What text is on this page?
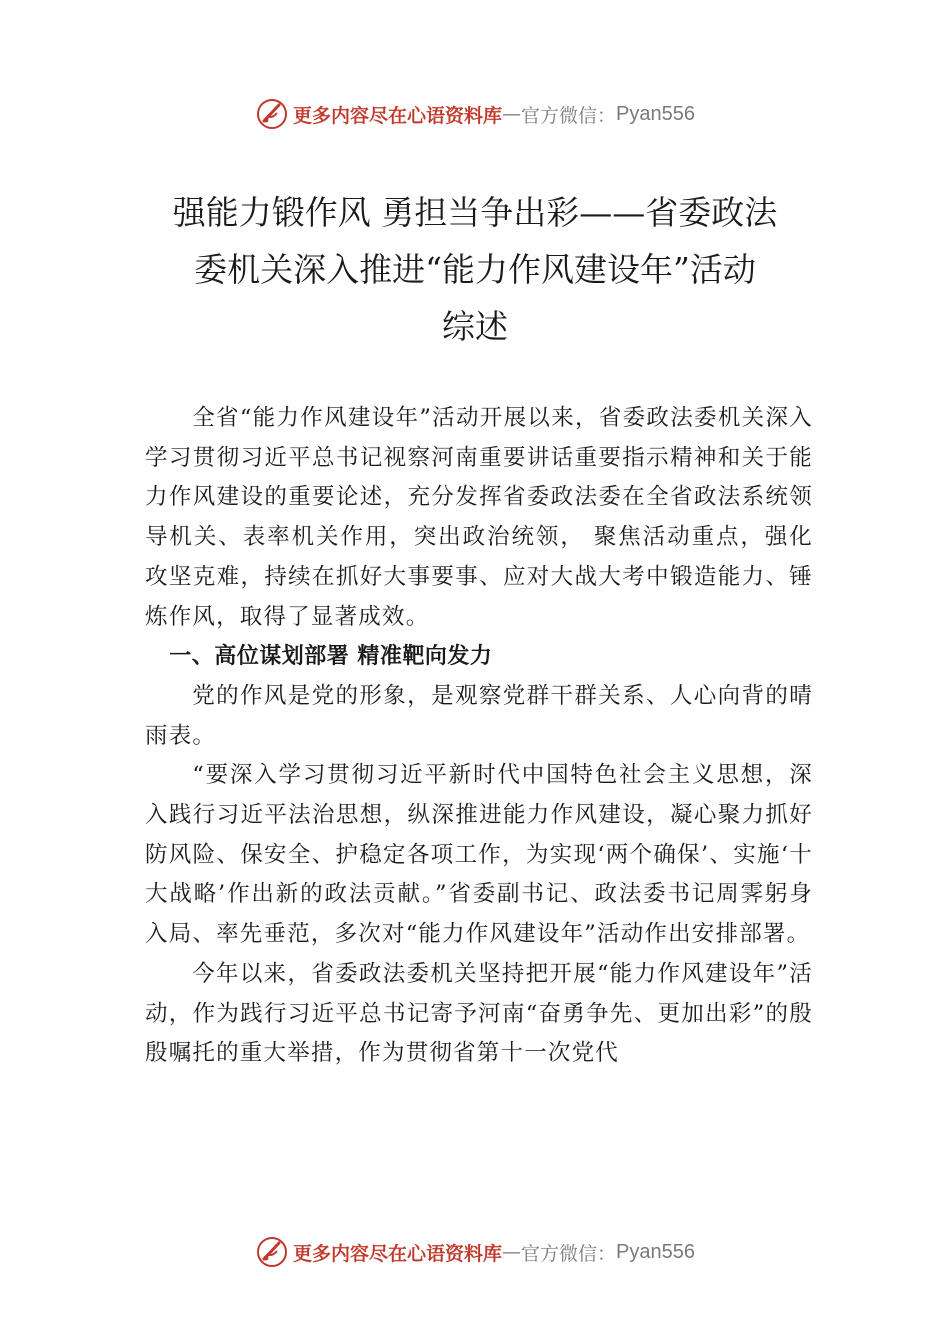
更多内容尽在心语资料库 — 官方微信： Pyan556
强能力锻作风 勇担当争出彩——省委政法
委机关深入推进“能力作风建设年”活动
综述

全省“能力作风建设年”活动开展以来，省委政法委机关深入学习贯彻习近平总书记视察河南重要讲话重要指示精神和关于能力作风建设的重要论述，充分发挥省委政法委在全省政法系统领导机关、表率机关作用，突出政治统领， 聚焦活动重点，强化攻坚克难，持续在抓好大事要事、应对大战大考中锻造能力、锤炼作风，取得了显著成效。

一、高位谋划部署 精准靶向发力

党的作风是党的形象，是观察党群干群关系、人心向背的晴雨表。

“要深入学习贯彻习近平新时代中国特色社会主义思想，深入践行习近平法治思想，纵深推进能力作风建设，凝心聚力抓好防风险、保安全、护稳定各项工作，为实现‘两个确保’、实施‘十大战略’作出新的政法贡献。”省委副书记、政法委书记周霁躬身入局、率先垂范，多次对“能力作风建设年”活动作出安排部署。

今年以来，省委政法委机关坚持把开展“能力作风建设年”活动，作为践行习近平总书记寄予河南“奋勇争先、更加出彩”的殷殷嘱托的重大举措，作为贯彻省第十一次党代

更多内容尽在心语资料库 — 官方微信： Pyan556
